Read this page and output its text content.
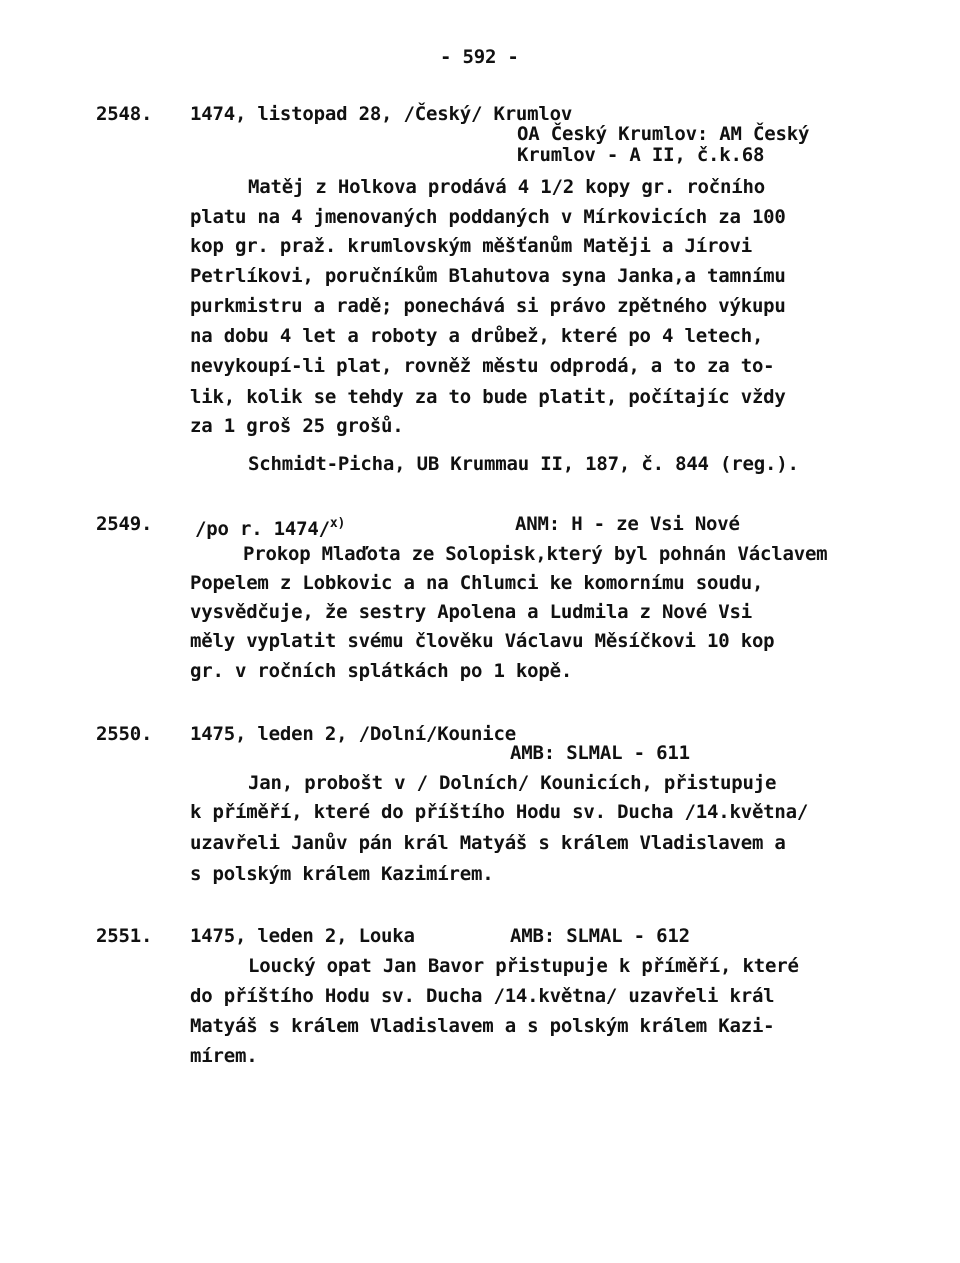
- 592 -
2548. 1474, listopad 28, /Český/ Krumlov
OA Český Krumlov: AM Český
Krumlov - A II, č.k.68
Matěj z Holkova prodává 4 1/2 kopy gr. ročního
platu na 4 jmenovaných poddaných v Mírkovicích za 100
kop gr. praž. krumlovským měšťanům Matěji a Jírovi
Petrlíkovi, poručníkům Blahutova syna Janka,a tamnímu
purkmistru a radě; ponechává si právo zpětného výkupu
na dobu 4 let a roboty a drůbež, které po 4 letech,
nevykoupí-li plat, rovněž městu odprodá, a to za to-
lik, kolik se tehdy za to bude platit, počítajíc vždy
za 1 groš 25 grošů.
Schmidt-Picha, UB Krummau II, 187, č. 844 (reg.).
2549. /po r. 1474/$^{x)}$	ANM: H - ze Vsi Nové
Prokop Mlaďota ze Solopisk,který byl pohnán Václavem
Popelem z Lobkovic a na Chlumci ke komornímu soudu,
vysvědčuje, že sestry Apolena a Ludmila z Nové Vsi
měly vyplatit svému člověku Václavu Měsíčkovi 10 kop
gr. v ročních splátkách po 1 kopě.
2550. 1475, leden 2, /Dolní/Kounice
AMB: SLMAL - 611
Jan, probošt v / Dolních/ Kounicích, přistupuje
k příměří, které do příštího Hodu sv. Ducha /14.května/
uzavřeli Janův pán král Matyáš s králem Vladislavem a
s polským králem Kazimírem.
2551. 1475, leden 2, Louka	AMB: SLMAL - 612
Loucký opat Jan Bavor přistupuje k příměří, které
do příštího Hodu sv. Ducha /14.května/ uzavřeli král
Matyáš s králem Vladislavem a s polským králem Kazi-
mírem.
